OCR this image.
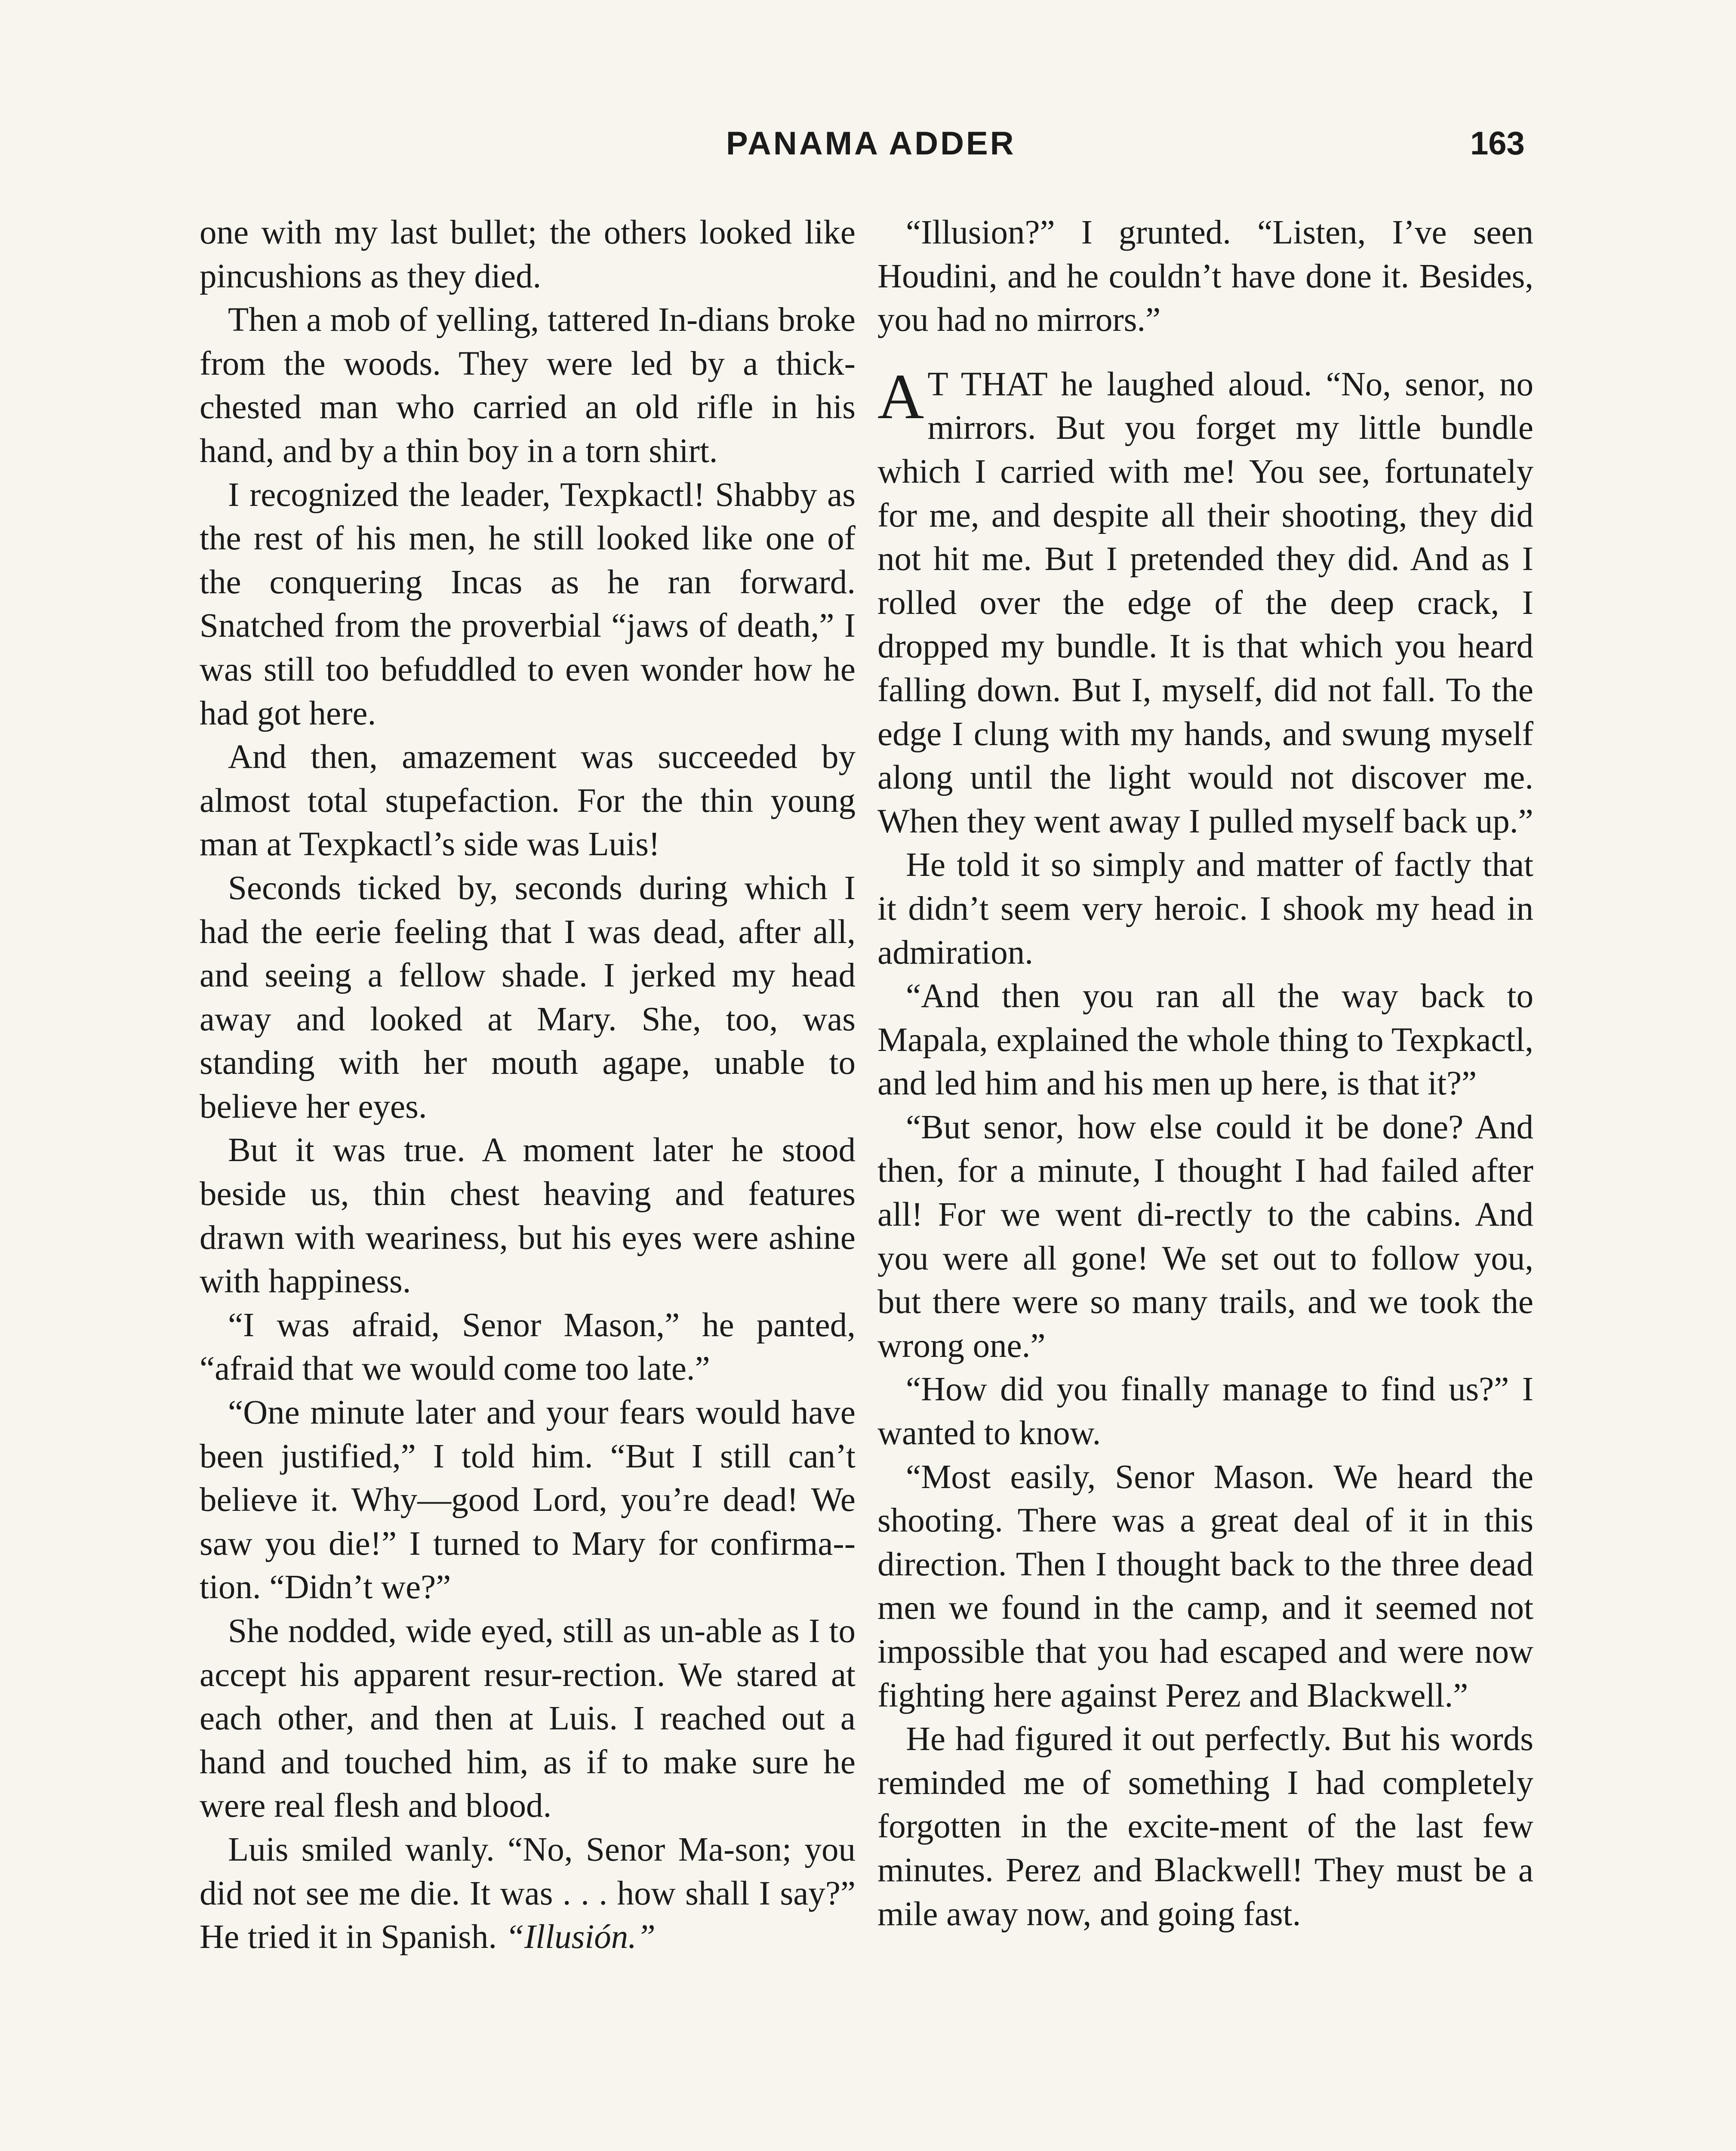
PANAMA ADDER	163

one with my last bullet; the others looked like pincushions as they died.

Then a mob of yelling, tattered In-dians broke from the woods. They were led by a thick-chested man who carried an old rifle in his hand, and by a thin boy in a torn shirt.

I recognized the leader, Texpkactl! Shabby as the rest of his men, he still looked like one of the conquering Incas as he ran forward. Snatched from the proverbial “jaws of death,” I was still too befuddled to even wonder how he had got here.

And then, amazement was succeeded by almost total stupefaction. For the thin young man at Texpkactl’s side was Luis!

Seconds ticked by, seconds during which I had the eerie feeling that I was dead, after all, and seeing a fellow shade. I jerked my head away and looked at Mary. She, too, was standing with her mouth agape, unable to believe her eyes.

But it was true. A moment later he stood beside us, thin chest heaving and features drawn with weariness, but his eyes were ashine with happiness.

“I was afraid, Senor Mason,” he panted, “afraid that we would come too late.”

“One minute later and your fears would have been justified,” I told him. “But I still can’t believe it. Why—good Lord, you’re dead! We saw you die!” I turned to Mary for confirma-tion. “Didn’t we?”

She nodded, wide eyed, still as un-able as I to accept his apparent resur-rection. We stared at each other, and then at Luis. I reached out a hand and touched him, as if to make sure he were real flesh and blood.

Luis smiled wanly. “No, Senor Ma-son; you did not see me die. It was . . . how shall I say?” He tried it in Spanish. “Illusión.”

“Illusion?” I grunted. “Listen, I’ve seen Houdini, and he couldn’t have done it. Besides, you had no mirrors.”

A T THAT he laughed aloud. “No, senor, no mirrors. But you forget my little bundle which I carried with me! You see, fortunately for me, and despite all their shooting, they did not hit me. But I pretended they did. And as I rolled over the edge of the deep crack, I dropped my bundle. It is that which you heard falling down. But I, myself, did not fall. To the edge I clung with my hands, and swung myself along until the light would not discover me. When they went away I pulled myself back up.”

He told it so simply and matter of factly that it didn’t seem very heroic. I shook my head in admiration.

“And then you ran all the way back to Mapala, explained the whole thing to Texpkactl, and led him and his men up here, is that it?”

“But senor, how else could it be done? And then, for a minute, I thought I had failed after all! For we went di-rectly to the cabins. And you were all gone! We set out to follow you, but there were so many trails, and we took the wrong one.”

“How did you finally manage to find us?” I wanted to know.

“Most easily, Senor Mason. We heard the shooting. There was a great deal of it in this direction. Then I thought back to the three dead men we found in the camp, and it seemed not impossible that you had escaped and were now fighting here against Perez and Blackwell.”

He had figured it out perfectly. But his words reminded me of something I had completely forgotten in the excite-ment of the last few minutes. Perez and Blackwell! They must be a mile away now, and going fast.
